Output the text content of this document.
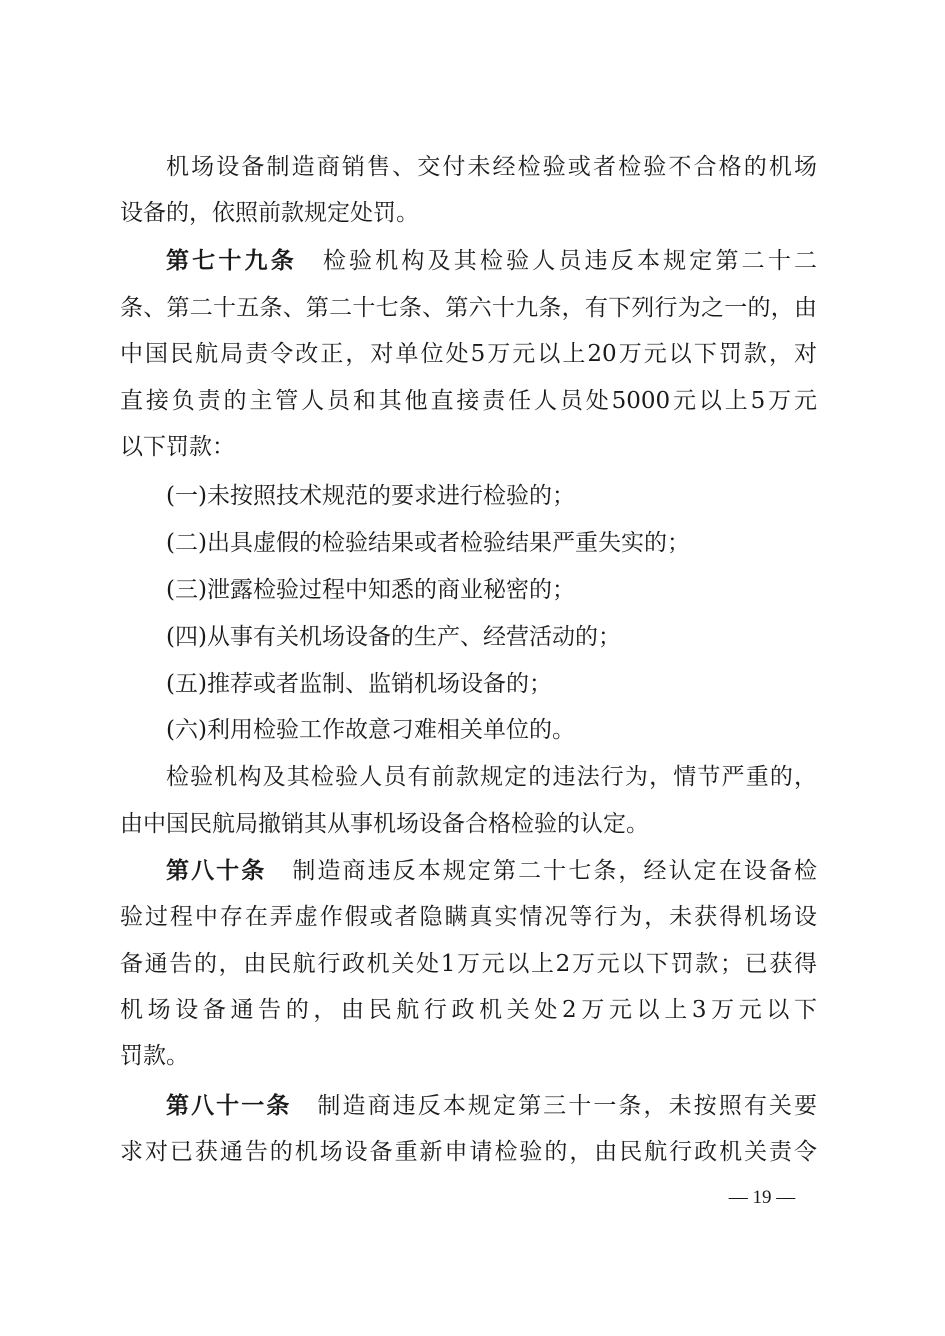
机场设备制造商销售、交付未经检验或者检验不合格的机场
设备的，依照前款规定处罚。
第七十九条 检验机构及其检验人员违反本规定第二十二
条、第二十五条、第二十七条、第六十九条，有下列行为之一的，由
中国民航局责令改正，对单位处5万元以上20万元以下罚款，对
直接负责的主管人员和其他直接责任人员处5000元以上5万元
以下罚款：
(一)未按照技术规范的要求进行检验的；
(二)出具虚假的检验结果或者检验结果严重失实的；
(三)泄露检验过程中知悉的商业秘密的；
(四)从事有关机场设备的生产、经营活动的；
(五)推荐或者监制、监销机场设备的；
(六)利用检验工作故意刁难相关单位的。
检验机构及其检验人员有前款规定的违法行为，情节严重的，
由中国民航局撤销其从事机场设备合格检验的认定。
第八十条 制造商违反本规定第二十七条，经认定在设备检
验过程中存在弄虚作假或者隐瞒真实情况等行为，未获得机场设
备通告的，由民航行政机关处1万元以上2万元以下罚款；已获得
机场设备通告的，由民航行政机关处2万元以上3万元以下
罚款。
第八十一条 制造商违反本规定第三十一条，未按照有关要
求对已获通告的机场设备重新申请检验的，由民航行政机关责令
— 19 —
